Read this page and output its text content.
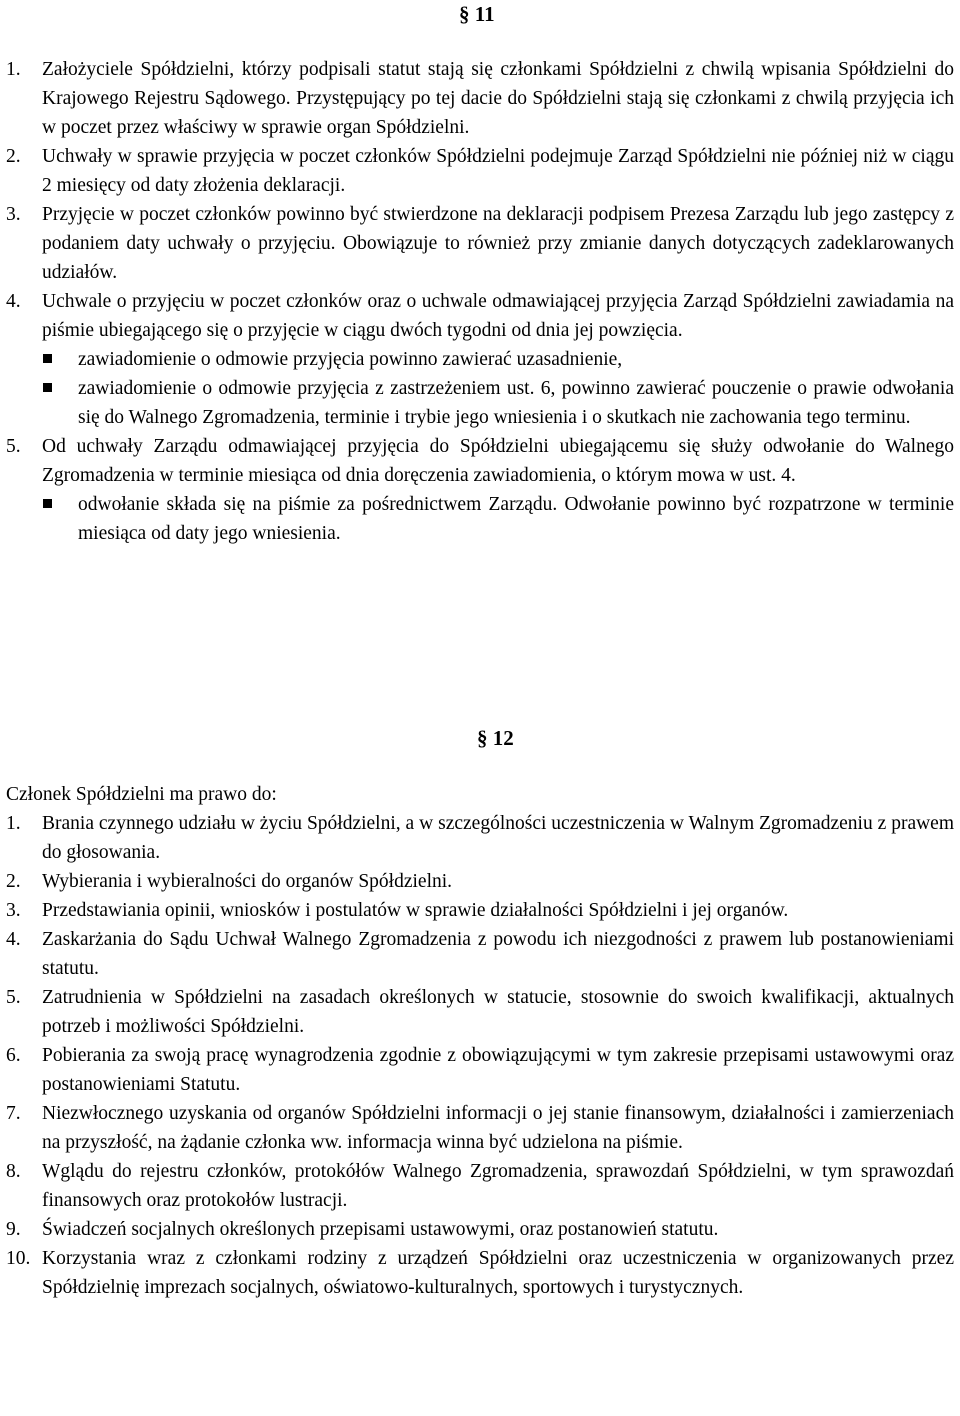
§ 11
1. Założyciele Spółdzielni, którzy podpisali statut stają się członkami Spółdzielni z chwilą wpisania Spółdzielni do Krajowego Rejestru Sądowego. Przystępujący po tej dacie do Spółdzielni stają się członkami z chwilą przyjęcia ich w poczet przez właściwy w sprawie organ Spółdzielni.
2. Uchwały w sprawie przyjęcia w poczet członków Spółdzielni podejmuje Zarząd Spółdzielni nie później niż w ciągu 2 miesięcy od daty złożenia deklaracji.
3. Przyjęcie w poczet członków powinno być stwierdzone na deklaracji podpisem Prezesa Zarządu lub jego zastępcy z podaniem daty uchwały o przyjęciu. Obowiązuje to również przy zmianie danych dotyczących zadeklarowanych udziałów.
4. Uchwale o przyjęciu w poczet członków oraz o uchwale odmawiającej przyjęcia Zarząd Spółdzielni zawiadamia na piśmie ubiegającego się o przyjęcie w ciągu dwóch tygodni od dnia jej powzięcia.
zawiadomienie o odmowie przyjęcia powinno zawierać uzasadnienie,
zawiadomienie o odmowie przyjęcia z zastrzeżeniem ust. 6, powinno zawierać pouczenie o prawie odwołania się do Walnego Zgromadzenia, terminie i trybie jego wniesienia i o skutkach nie zachowania tego terminu.
5. Od uchwały Zarządu odmawiającej przyjęcia do Spółdzielni ubiegającemu się służy odwołanie do Walnego Zgromadzenia w terminie miesiąca od dnia doręczenia zawiadomienia, o którym mowa w ust. 4.
odwołanie składa się na piśmie za pośrednictwem Zarządu. Odwołanie powinno być rozpatrzone w terminie miesiąca od daty jego wniesienia.
§ 12
Członek Spółdzielni ma prawo do:
1. Brania czynnego udziału w życiu Spółdzielni, a w szczególności uczestniczenia w Walnym Zgromadzeniu z prawem do głosowania.
2. Wybierania i wybieralności do organów Spółdzielni.
3. Przedstawiania opinii, wniosków i postulatów w sprawie działalności Spółdzielni i jej organów.
4. Zaskarżania do Sądu Uchwał Walnego Zgromadzenia z powodu ich niezgodności z prawem lub postanowieniami statutu.
5. Zatrudnienia w Spółdzielni na zasadach określonych w statucie, stosownie do swoich kwalifikacji, aktualnych potrzeb i możliwości Spółdzielni.
6. Pobierania za swoją pracę wynagrodzenia zgodnie z obowiązującymi w tym zakresie przepisami ustawowymi oraz postanowieniami Statutu.
7. Niezwłocznego uzyskania od organów Spółdzielni informacji o jej stanie finansowym, działalności i zamierzeniach na przyszłość, na żądanie członka ww. informacja winna być udzielona na piśmie.
8. Wglądu do rejestru członków, protokółów Walnego Zgromadzenia, sprawozdań Spółdzielni, w tym sprawozdań finansowych oraz protokołów lustracji.
9. Świadczeń socjalnych określonych przepisami ustawowymi, oraz postanowień statutu.
10. Korzystania wraz z członkami rodziny z urządzeń Spółdzielni oraz uczestniczenia w organizowanych przez Spółdzielnię imprezach socjalnych, oświatowo-kulturalnych, sportowych i turystycznych.
